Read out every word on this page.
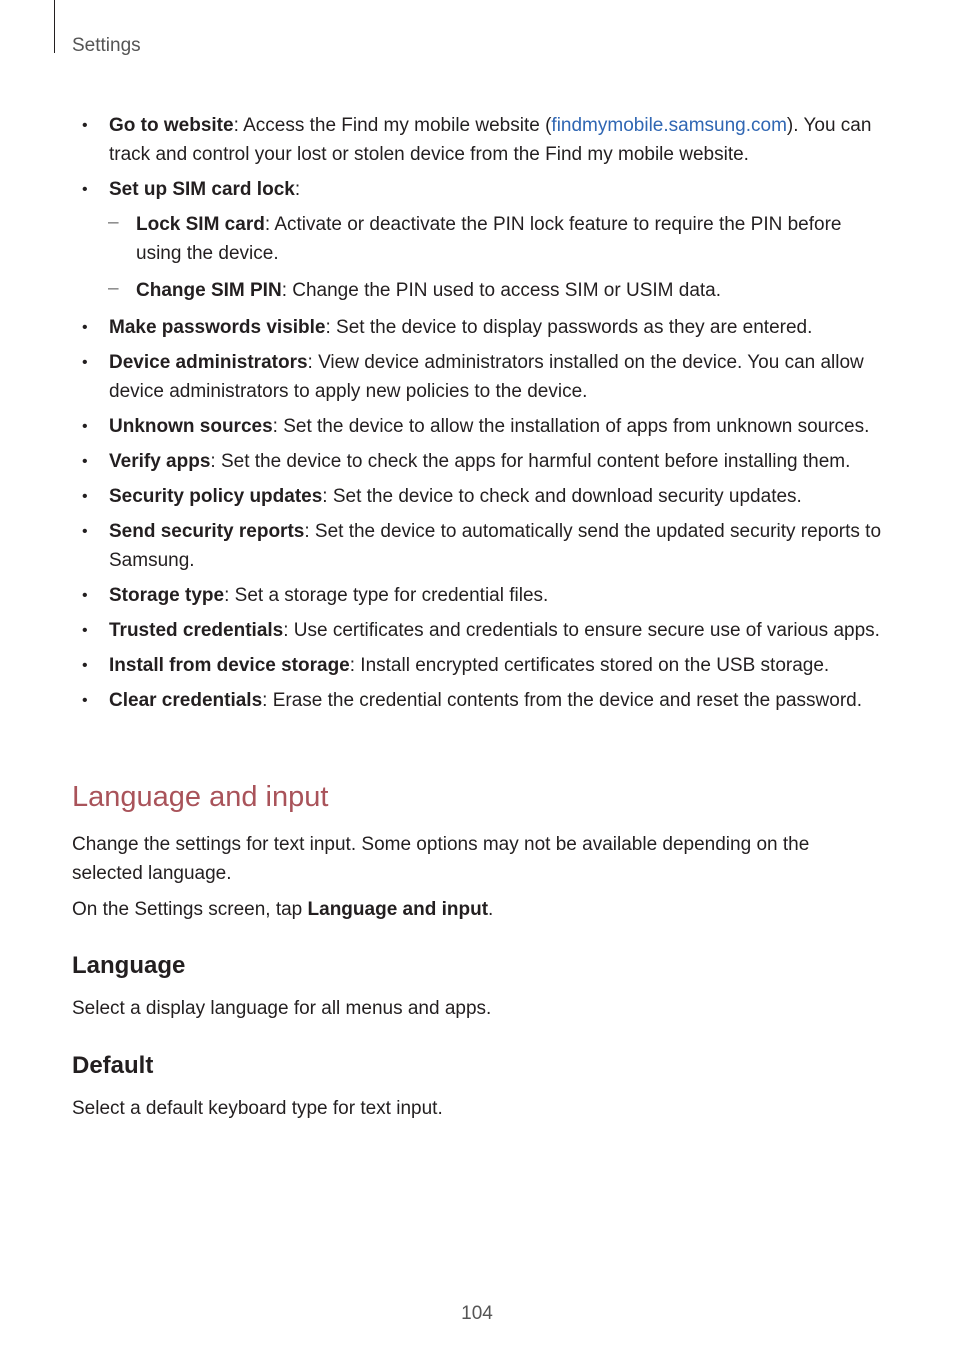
Settings
• Go to website: Access the Find my mobile website (findmymobile.samsung.com). You can track and control your lost or stolen device from the Find my mobile website.
• Set up SIM card lock:
– Lock SIM card: Activate or deactivate the PIN lock feature to require the PIN before using the device.
– Change SIM PIN: Change the PIN used to access SIM or USIM data.
• Make passwords visible: Set the device to display passwords as they are entered.
• Device administrators: View device administrators installed on the device. You can allow device administrators to apply new policies to the device.
• Unknown sources: Set the device to allow the installation of apps from unknown sources.
• Verify apps: Set the device to check the apps for harmful content before installing them.
• Security policy updates: Set the device to check and download security updates.
• Send security reports: Set the device to automatically send the updated security reports to Samsung.
• Storage type: Set a storage type for credential files.
• Trusted credentials: Use certificates and credentials to ensure secure use of various apps.
• Install from device storage: Install encrypted certificates stored on the USB storage.
• Clear credentials: Erase the credential contents from the device and reset the password.
Language and input
Change the settings for text input. Some options may not be available depending on the selected language.
On the Settings screen, tap Language and input.
Language
Select a display language for all menus and apps.
Default
Select a default keyboard type for text input.
104
